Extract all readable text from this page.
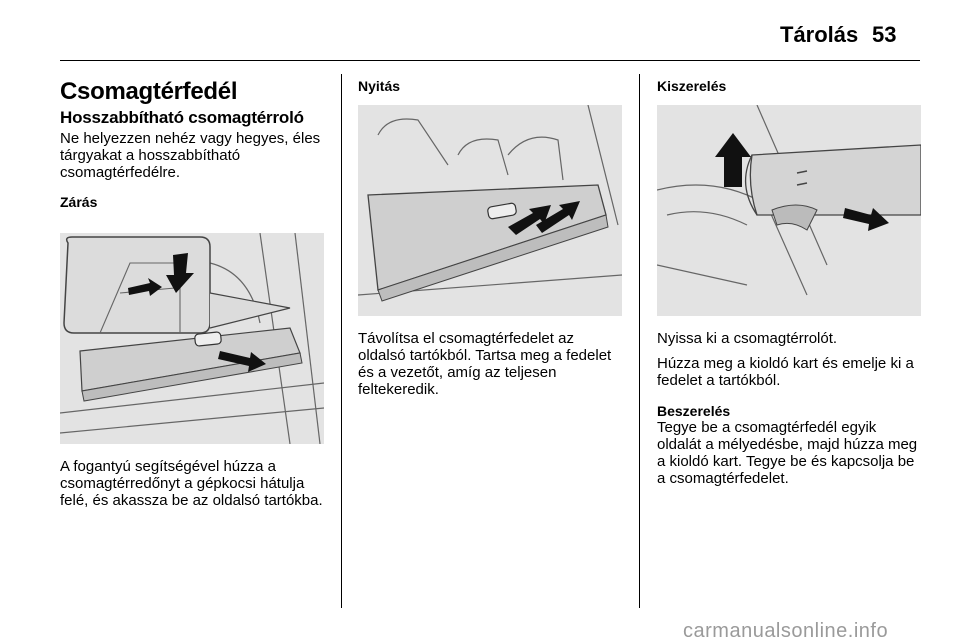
Tárolás 53
Csomagtérfedél
Hosszabbítható csomagtérroló

Ne helyezzen nehéz vagy hegyes, éles tárgyakat a hosszabbítható csomagtérfedélre.

Zárás

A fogantyú segítségével húzza a csomagtérredőnyt a gépkocsi hátulja felé, és akassza be az oldalsó tartókba.

Nyitás

Távolítsa el csomagtérfedelet az oldalsó tartókból. Tartsa meg a fedelet és a vezetőt, amíg az teljesen feltekeredik.

Kiszerelés

Nyissa ki a csomagtérrolót.

Húzza meg a kioldó kart és emelje ki a fedelet a tartókból.

Beszerelés

Tegye be a csomagtérfedél egyik oldalát a mélyedésbe, majd húzza meg a kioldó kart. Tegye be és kapcsolja be a csomagtérfedelet.

carmanualsonline.info
